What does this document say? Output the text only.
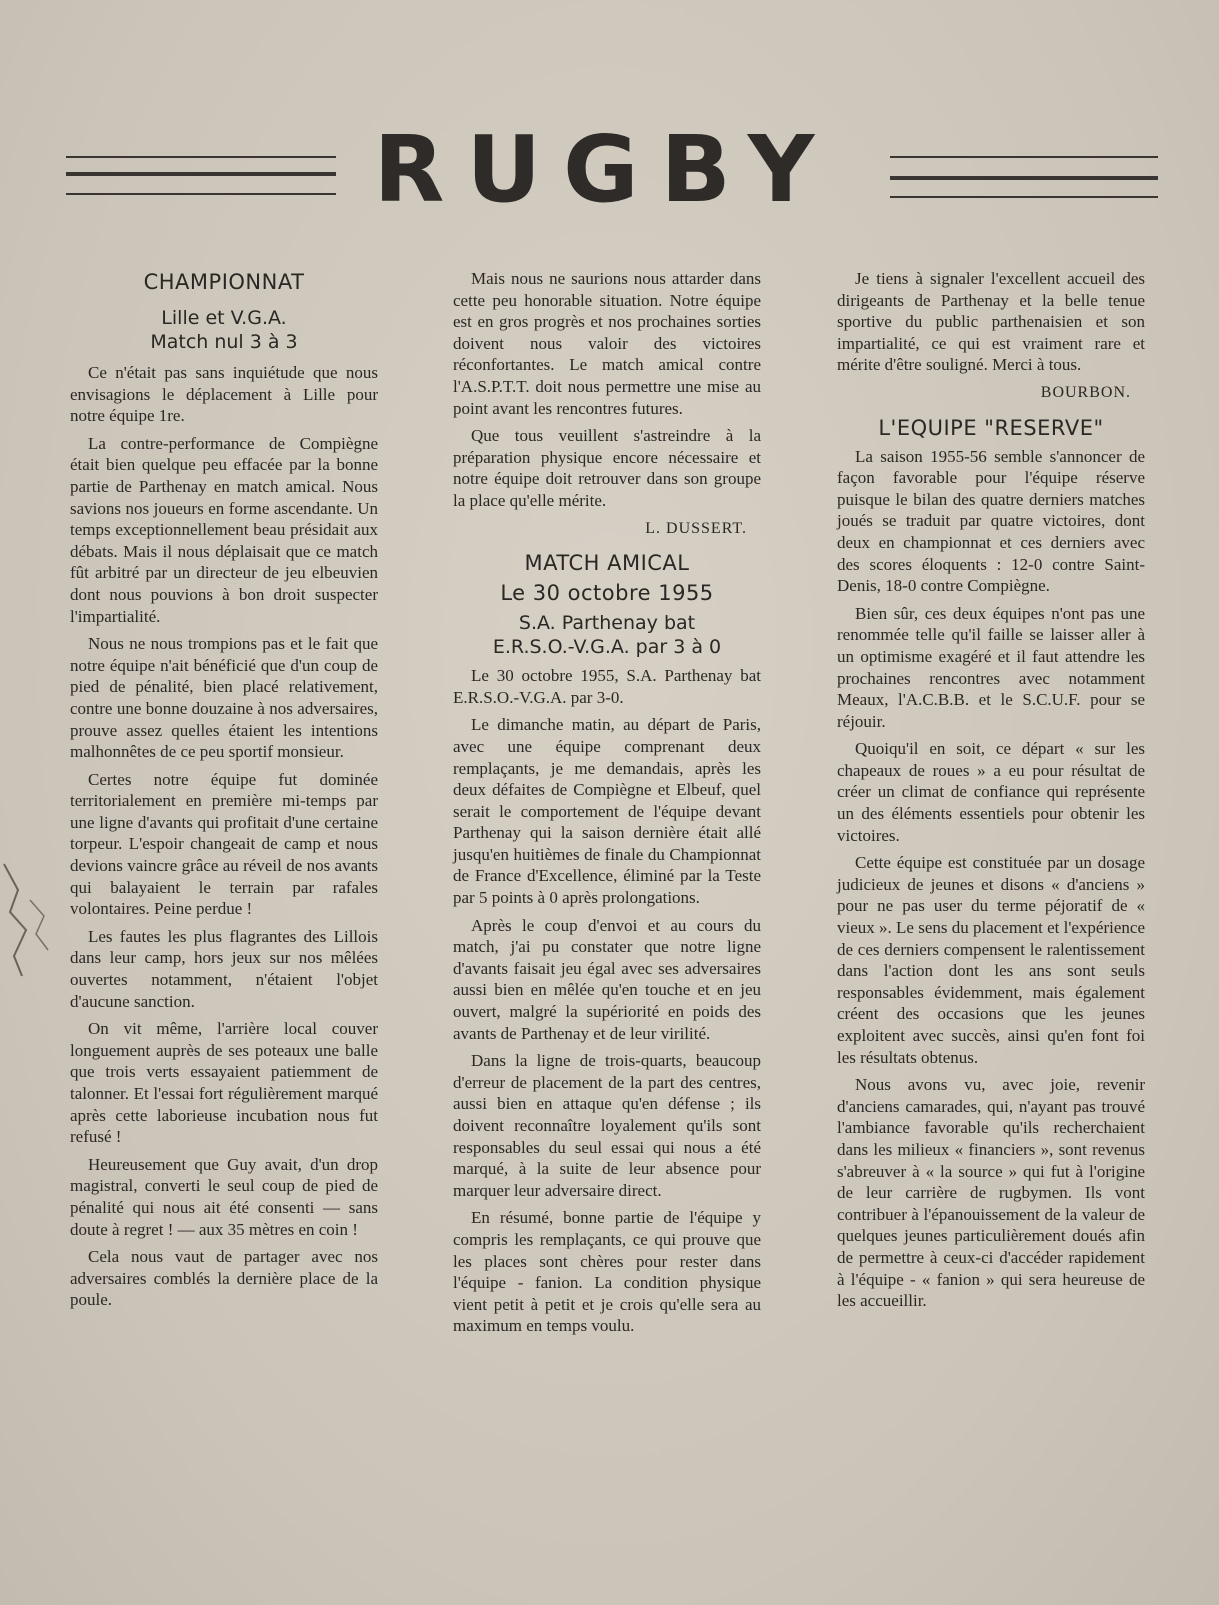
RUGBY
CHAMPIONNAT
Lille et V.G.A.
Match nul 3 à 3

Ce n'était pas sans inquiétude que nous envisagions le déplacement à Lille pour notre équipe 1re.

La contre-performance de Compiègne était bien quelque peu effacée par la bonne partie de Parthenay en match amical. Nous savions nos joueurs en forme ascendante. Un temps exceptionnellement beau présidait aux débats. Mais il nous déplaisait que ce match fût arbitré par un directeur de jeu elbeuvien dont nous pouvions à bon droit suspecter l'impartialité.

Nous ne nous trompions pas et le fait que notre équipe n'ait bénéficié que d'un coup de pied de pénalité, bien placé relativement, contre une bonne douzaine à nos adversaires, prouve assez quelles étaient les intentions malhonnêtes de ce peu sportif monsieur.

Certes notre équipe fut dominée territorialement en première mi-temps par une ligne d'avants qui profitait d'une certaine torpeur. L'espoir changeait de camp et nous devions vaincre grâce au réveil de nos avants qui balayaient le terrain par rafales volontaires. Peine perdue !

Les fautes les plus flagrantes des Lillois dans leur camp, hors jeux sur nos mêlées ouvertes notamment, n'étaient l'objet d'aucune sanction.

On vit même, l'arrière local couver longuement auprès de ses poteaux une balle que trois verts essayaient patiemment de talonner. Et l'essai fort régulièrement marqué après cette laborieuse incubation nous fut refusé !

Heureusement que Guy avait, d'un drop magistral, converti le seul coup de pied de pénalité qui nous ait été consenti — sans doute à regret ! — aux 35 mètres en coin !

Cela nous vaut de partager avec nos adversaires comblés la dernière place de la poule.

Mais nous ne saurions nous attarder dans cette peu honorable situation. Notre équipe est en gros progrès et nos prochaines sorties doivent nous valoir des victoires réconfortantes. Le match amical contre l'A.S.P.T.T. doit nous permettre une mise au point avant les rencontres futures.

Que tous veuillent s'astreindre à la préparation physique encore nécessaire et notre équipe doit retrouver dans son groupe la place qu'elle mérite.

L. DUSSERT.

MATCH AMICAL
Le 30 octobre 1955
S.A. Parthenay bat
E.R.S.O.-V.G.A. par 3 à 0

Le 30 octobre 1955, S.A. Parthenay bat E.R.S.O.-V.G.A. par 3-0.

Le dimanche matin, au départ de Paris, avec une équipe comprenant deux remplaçants, je me demandais, après les deux défaites de Compiègne et Elbeuf, quel serait le comportement de l'équipe devant Parthenay qui la saison dernière était allé jusqu'en huitièmes de finale du Championnat de France d'Excellence, éliminé par la Teste par 5 points à 0 après prolongations.

Après le coup d'envoi et au cours du match, j'ai pu constater que notre ligne d'avants faisait jeu égal avec ses adversaires aussi bien en mêlée qu'en touche et en jeu ouvert, malgré la supériorité en poids des avants de Parthenay et de leur virilité.

Dans la ligne de trois-quarts, beaucoup d'erreur de placement de la part des centres, aussi bien en attaque qu'en défense ; ils doivent reconnaître loyalement qu'ils sont responsables du seul essai qui nous a été marqué, à la suite de leur absence pour marquer leur adversaire direct.

En résumé, bonne partie de l'équipe y compris les remplaçants, ce qui prouve que les places sont chères pour rester dans l'équipe - fanion. La condition physique vient petit à petit et je crois qu'elle sera au maximum en temps voulu.

Je tiens à signaler l'excellent accueil des dirigeants de Parthenay et la belle tenue sportive du public parthenaisien et son impartialité, ce qui est vraiment rare et mérite d'être souligné. Merci à tous.

BOURBON.

L'EQUIPE "RESERVE"

La saison 1955-56 semble s'annoncer de façon favorable pour l'équipe réserve puisque le bilan des quatre derniers matches joués se traduit par quatre victoires, dont deux en championnat et ces derniers avec des scores éloquents : 12-0 contre Saint-Denis, 18-0 contre Compiègne.

Bien sûr, ces deux équipes n'ont pas une renommée telle qu'il faille se laisser aller à un optimisme exagéré et il faut attendre les prochaines rencontres avec notamment Meaux, l'A.C.B.B. et le S.C.U.F. pour se réjouir.

Quoiqu'il en soit, ce départ « sur les chapeaux de roues » a eu pour résultat de créer un climat de confiance qui représente un des éléments essentiels pour obtenir les victoires.

Cette équipe est constituée par un dosage judicieux de jeunes et disons « d'anciens » pour ne pas user du terme péjoratif de « vieux ». Le sens du placement et l'expérience de ces derniers compensent le ralentissement dans l'action dont les ans sont seuls responsables évidemment, mais également créent des occasions que les jeunes exploitent avec succès, ainsi qu'en font foi les résultats obtenus.

Nous avons vu, avec joie, revenir d'anciens camarades, qui, n'ayant pas trouvé l'ambiance favorable qu'ils recherchaient dans les milieux « financiers », sont revenus s'abreuver à « la source » qui fut à l'origine de leur carrière de rugbymen. Ils vont contribuer à l'épanouissement de la valeur de quelques jeunes particulièrement doués afin de permettre à ceux-ci d'accéder rapidement à l'équipe - « fanion » qui sera heureuse de les accueillir.
